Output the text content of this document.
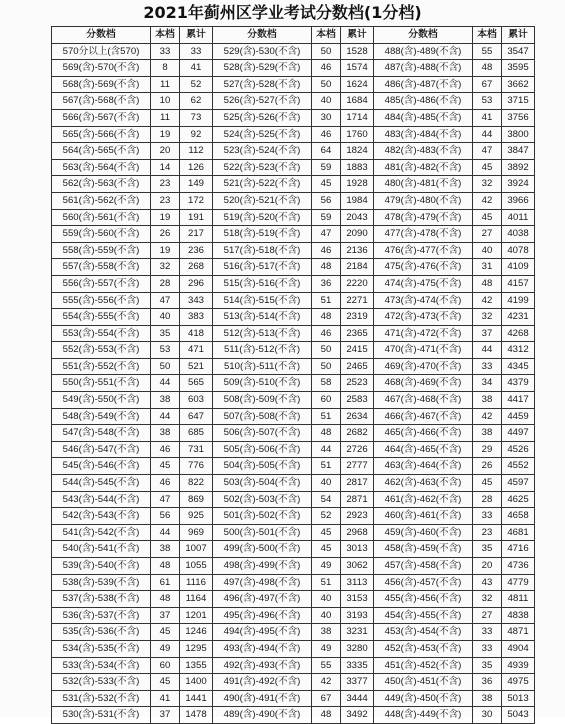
2021年蓟州区学业考试分数档(1分档)
分数档	本档	累计	分数档	本档	累计	分数档	本档	累计
570分以上(含570)	33	33	529(含)-530(不含)	50	1528	488(含)-489(不含)	55	3547
569(含)-570(不含)	8	41	528(含)-529(不含)	46	1574	487(含)-488(不含)	48	3595
568(含)-569(不含)	11	52	527(含)-528(不含)	50	1624	486(含)-487(不含)	67	3662
567(含)-568(不含)	10	62	526(含)-527(不含)	40	1684	485(含)-486(不含)	53	3715
566(含)-567(不含)	11	73	525(含)-526(不含)	30	1714	484(含)-485(不含)	41	3756
565(含)-566(不含)	19	92	524(含)-525(不含)	46	1760	483(含)-484(不含)	44	3800
564(含)-565(不含)	20	112	523(含)-524(不含)	64	1824	482(含)-483(不含)	47	3847
563(含)-564(不含)	14	126	522(含)-523(不含)	59	1883	481(含)-482(不含)	45	3892
562(含)-563(不含)	23	149	521(含)-522(不含)	45	1928	480(含)-481(不含)	32	3924
561(含)-562(不含)	23	172	520(含)-521(不含)	56	1984	479(含)-480(不含)	42	3966
560(含)-561(不含)	19	191	519(含)-520(不含)	59	2043	478(含)-479(不含)	45	4011
559(含)-560(不含)	26	217	518(含)-519(不含)	47	2090	477(含)-478(不含)	27	4038
558(含)-559(不含)	19	236	517(含)-518(不含)	46	2136	476(含)-477(不含)	40	4078
557(含)-558(不含)	32	268	516(含)-517(不含)	48	2184	475(含)-476(不含)	31	4109
556(含)-557(不含)	28	296	515(含)-516(不含)	36	2220	474(含)-475(不含)	48	4157
555(含)-556(不含)	47	343	514(含)-515(不含)	51	2271	473(含)-474(不含)	42	4199
554(含)-555(不含)	40	383	513(含)-514(不含)	48	2319	472(含)-473(不含)	32	4231
553(含)-554(不含)	35	418	512(含)-513(不含)	46	2365	471(含)-472(不含)	37	4268
552(含)-553(不含)	53	471	511(含)-512(不含)	50	2415	470(含)-471(不含)	44	4312
551(含)-552(不含)	50	521	510(含)-511(不含)	50	2465	469(含)-470(不含)	33	4345
550(含)-551(不含)	44	565	509(含)-510(不含)	58	2523	468(含)-469(不含)	34	4379
549(含)-550(不含)	38	603	508(含)-509(不含)	60	2583	467(含)-468(不含)	38	4417
548(含)-549(不含)	44	647	507(含)-508(不含)	51	2634	466(含)-467(不含)	42	4459
547(含)-548(不含)	38	685	506(含)-507(不含)	48	2682	465(含)-466(不含)	38	4497
546(含)-547(不含)	46	731	505(含)-506(不含)	44	2726	464(含)-465(不含)	29	4526
545(含)-546(不含)	45	776	504(含)-505(不含)	51	2777	463(含)-464(不含)	26	4552
544(含)-545(不含)	46	822	503(含)-504(不含)	40	2817	462(含)-463(不含)	45	4597
543(含)-544(不含)	47	869	502(含)-503(不含)	54	2871	461(含)-462(不含)	28	4625
542(含)-543(不含)	56	925	501(含)-502(不含)	52	2923	460(含)-461(不含)	33	4658
541(含)-542(不含)	44	969	500(含)-501(不含)	45	2968	459(含)-460(不含)	23	4681
540(含)-541(不含)	38	1007	499(含)-500(不含)	45	3013	458(含)-459(不含)	35	4716
539(含)-540(不含)	48	1055	498(含)-499(不含)	49	3062	457(含)-458(不含)	20	4736
538(含)-539(不含)	61	1116	497(含)-498(不含)	51	3113	456(含)-457(不含)	43	4779
537(含)-538(不含)	48	1164	496(含)-497(不含)	40	3153	455(含)-456(不含)	32	4811
536(含)-537(不含)	37	1201	495(含)-496(不含)	40	3193	454(含)-455(不含)	27	4838
535(含)-536(不含)	45	1246	494(含)-495(不含)	38	3231	453(含)-454(不含)	33	4871
534(含)-535(不含)	49	1295	493(含)-494(不含)	49	3280	452(含)-453(不含)	33	4904
533(含)-534(不含)	60	1355	492(含)-493(不含)	55	3335	451(含)-452(不含)	35	4939
532(含)-533(不含)	45	1400	491(含)-492(不含)	42	3377	450(含)-451(不含)	36	4975
531(含)-532(不含)	41	1441	490(含)-491(不含)	67	3444	449(含)-450(不含)	38	5013
530(含)-531(不含)	37	1478	489(含)-490(不含)	48	3492	448(含)-449(不含)	30	5043
